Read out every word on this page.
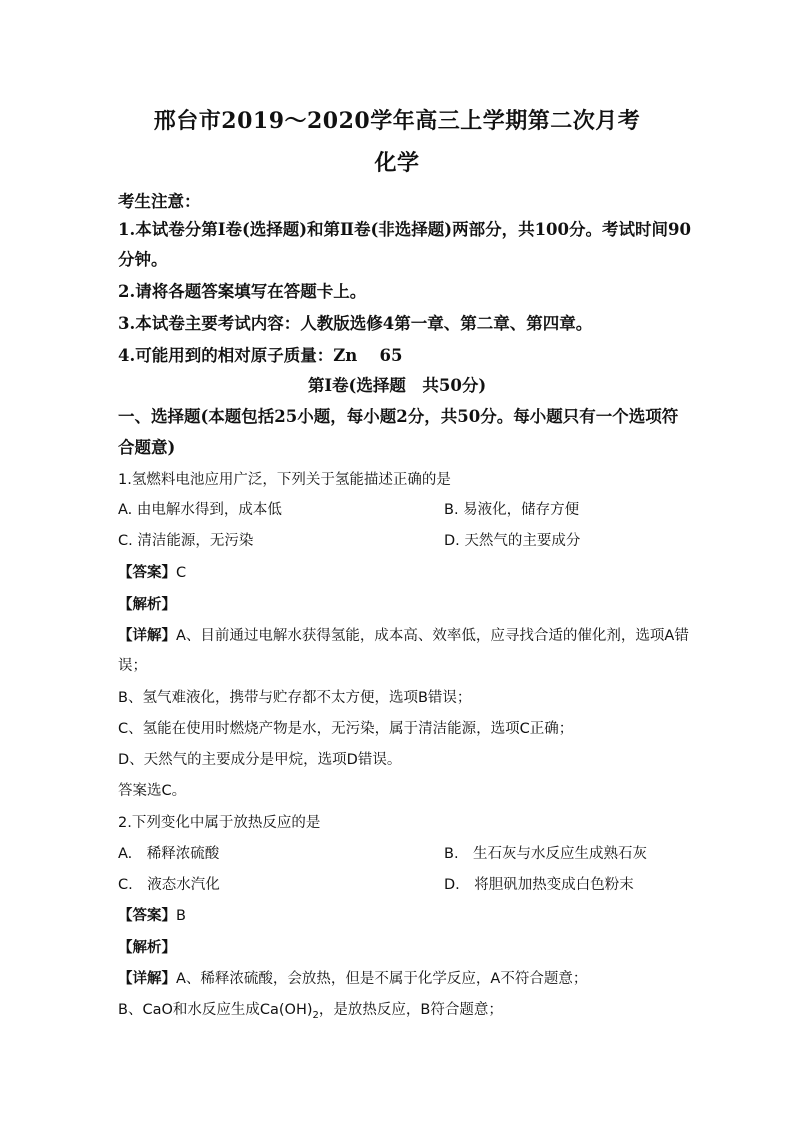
邢台市2019～2020学年高三上学期第二次月考
化学
考生注意：
1.本试卷分第Ⅰ卷(选择题)和第Ⅱ卷(非选择题)两部分，共100分。考试时间90
分钟。
2.请将各题答案填写在答题卡上。
3.本试卷主要考试内容：人教版选修4第一章、第二章、第四章。
4.可能用到的相对原子质量：Zn　 65
第Ⅰ卷(选择题　共50分)
一、选择题(本题包括25小题，每小题2分，共50分。每小题只有一个选项符
合题意)
1.氢燃料电池应用广泛，下列关于氢能描述正确的是
A. 由电解水得到，成本低	B. 易液化，储存方便
C. 清洁能源，无污染	D. 天然气的主要成分
【答案】C
【解析】
【详解】A、目前通过电解水获得氢能，成本高、效率低，应寻找合适的催化剂，选项A错
误；
B、氢气难液化，携带与贮存都不太方便，选项B错误；
C、氢能在使用时燃烧产物是水，无污染，属于清洁能源，选项C正确；
D、天然气的主要成分是甲烷，选项D错误。
答案选C。
2.下列变化中属于放热反应的是
A.　稀释浓硫酸	B.　生石灰与水反应生成熟石灰
C.　液态水汽化	D.　将胆矾加热变成白色粉末
【答案】B
【解析】
【详解】A、稀释浓硫酸，会放热，但是不属于化学反应，A不符合题意；
B、CaO和水反应生成$Ca(OH)_2$，是放热反应，B符合题意；
